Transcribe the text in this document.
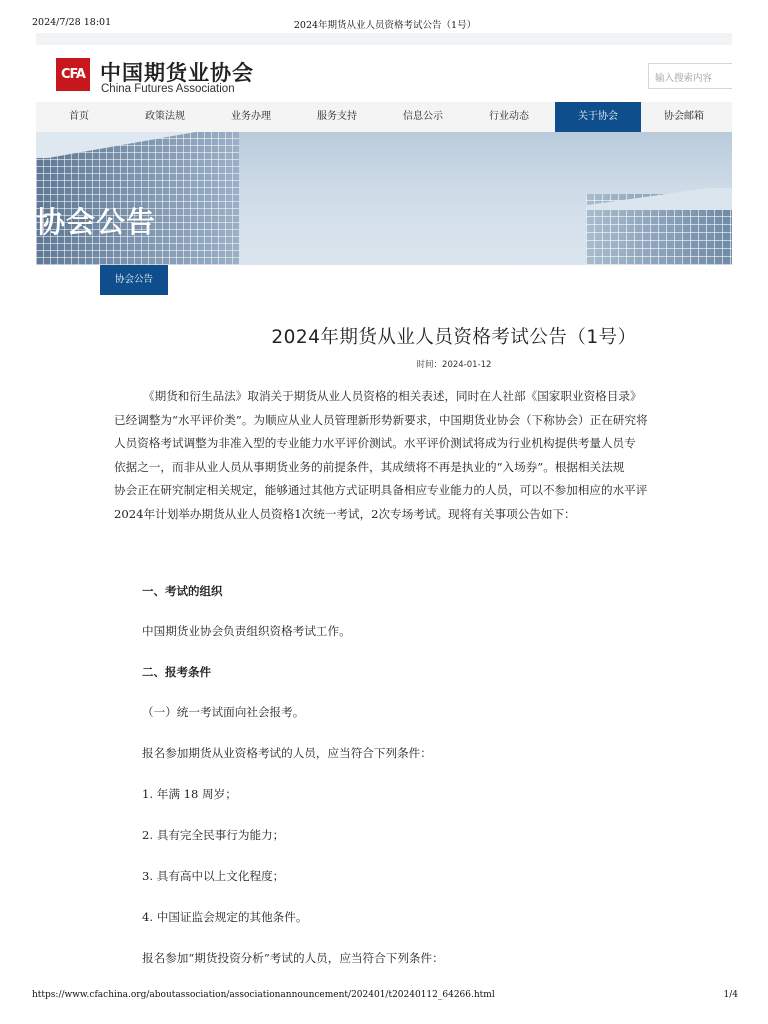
2024/7/28 18:01	2024年期货从业人员资格考试公告（1号）
CFA 中国期货业协会
China Futures Association
输入搜索内容
首页	政策法规	业务办理	服务支持	信息公示	行业动态	关于协会	协会邮箱
协会公告
协会公告
2024年期货从业人员资格考试公告（1号）
时间：2024-01-12
《期货和衍生品法》取消关于期货从业人员资格的相关表述，同时在人社部《国家职业资格目录》
已经调整为“水平评价类”。为顺应从业人员管理新形势新要求，中国期货业协会（下称协会）正在研究将
人员资格考试调整为非准入型的专业能力水平评价测试。水平评价测试将成为行业机构提供考量人员专
依据之一，而非从业人员从事期货业务的前提条件，其成绩将不再是执业的“入场券”。根据相关法规
协会正在研究制定相关规定，能够通过其他方式证明具备相应专业能力的人员，可以不参加相应的水平评
2024年计划举办期货从业人员资格1次统一考试，2次专场考试。现将有关事项公告如下：
一、考试的组织
中国期货业协会负责组织资格考试工作。
二、报考条件
（一）统一考试面向社会报考。
报名参加期货从业资格考试的人员，应当符合下列条件：
1. 年满 18 周岁；
2. 具有完全民事行为能力；
3. 具有高中以上文化程度；
4. 中国证监会规定的其他条件。
报名参加“期货投资分析”考试的人员，应当符合下列条件：
https://www.cfachina.org/aboutassociation/associationannouncement/202401/t20240112_64266.html	1/4
